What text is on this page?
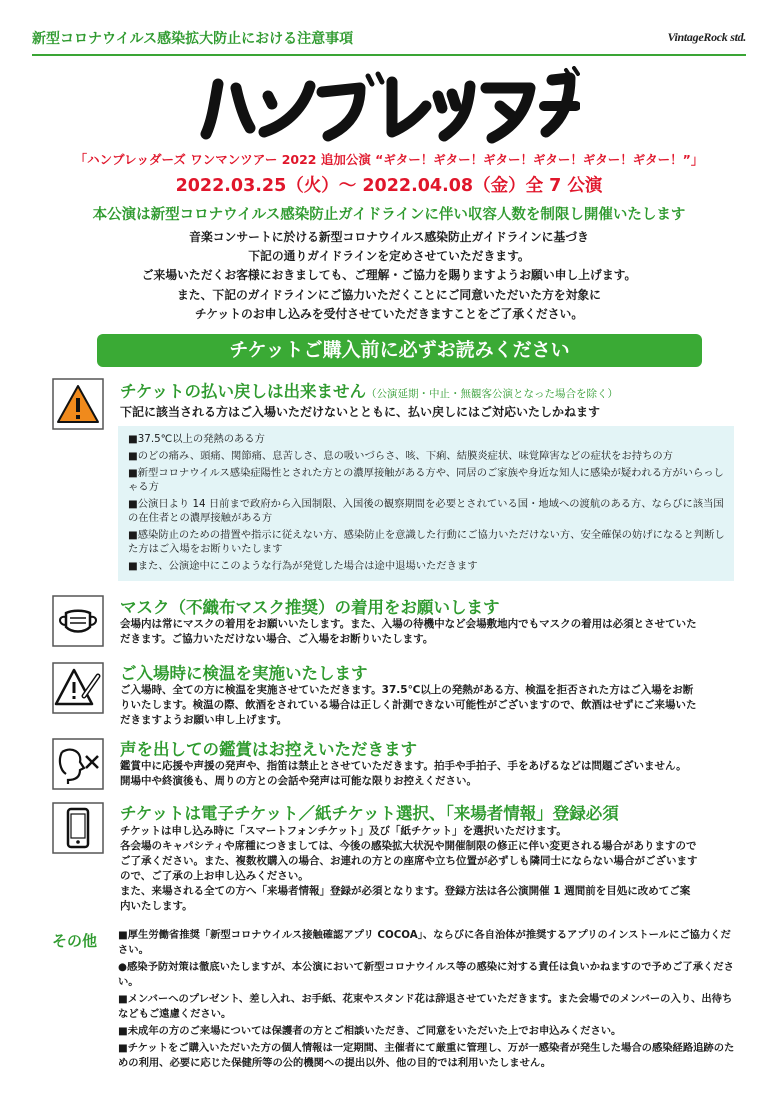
新型コロナウイルス感染拡大防止における注意事項	VintageRock std.
「ハンブレッダーズ ワンマンツアー 2022 追加公演 “ギター！ギター！ギター！ギター！ギター！ギター！”」
2022.03.25（火）〜 2022.04.08（金）全 7 公演
本公演は新型コロナウイルス感染防止ガイドラインに伴い収容人数を制限し開催いたします
音楽コンサートに於ける新型コロナウイルス感染防止ガイドラインに基づき
下記の通りガイドラインを定めさせていただきます。
ご来場いただくお客様におきましても、ご理解・ご協力を賜りますようお願い申し上げます。
また、下記のガイドラインにご協力いただくことにご同意いただいた方を対象に
チケットのお申し込みを受付させていただきますことをご了承ください。
チケットご購入前に必ずお読みください
チケットの払い戻しは出来ません（公演延期・中止・無観客公演となった場合を除く）
下記に該当される方はご入場いただけないとともに、払い戻しにはご対応いたしかねます
■ 37.5℃以上の発熱のある方
■ のどの痛み、頭痛、関節痛、息苦しさ、息の吸いづらさ、咳、下痢、結膜炎症状、味覚障害などの症状をお持ちの方
■ 新型コロナウイルス感染症陽性とされた方との濃厚接触がある方や、同居のご家族や身近な知人に感染が疑われる方がいらっしゃる方
■ 公演日より 14 日前まで政府から入国制限、入国後の観察期間を必要とされている国・地域への渡航のある方、ならびに該当国の在住者との濃厚接触がある方
■ 感染防止のための措置や指示に従えない方、感染防止を意識した行動にご協力いただけない方、安全確保の妨げになると判断した方はご入場をお断りいたします
■ また、公演途中にこのような行為が発覚した場合は途中退場いただきます
マスク（不織布マスク推奨）の着用をお願いします
会場内は常にマスクの着用をお願いいたします。また、入場の待機中など会場敷地内でもマスクの着用は必須とさせていた
だきます。ご協力いただけない場合、ご入場をお断りいたします。
ご入場時に検温を実施いたします
ご入場時、全ての方に検温を実施させていただきます。37.5℃以上の発熱がある方、検温を拒否された方はご入場をお断
りいたします。検温の際、飲酒をされている場合は正しく計測できない可能性がございますので、飲酒はせずにご来場いた
だきますようお願い申し上げます。
声を出しての鑑賞はお控えいただきます
鑑賞中に応援や声援の発声や、指笛は禁止とさせていただきます。拍手や手拍子、手をあげるなどは問題ございません。
開場中や終演後も、周りの方との会話や発声は可能な限りお控えください。
チケットは電子チケット／紙チケット選択、「来場者情報」登録必須
チケットは申し込み時に「スマートフォンチケット」及び「紙チケット」を選択いただけます。
各会場のキャパシティや席種につきましては、今後の感染拡大状況や開催制限の修正に伴い変更される場合がありますので
ご了承ください。また、複数枚購入の場合、お連れの方との座席や立ち位置が必ずしも隣同士にならない場合がございます
ので、ご了承の上お申し込みください。
また、来場される全ての方へ「来場者情報」登録が必須となります。登録方法は各公演開催 1 週間前を目処に改めてご案
内いたします。
その他 ■厚生労働省推奨「新型コロナウイルス接触確認アプリ COCOA」、ならびに各自治体が推奨するアプリのインストールにご協力ください。

●感染予防対策は徹底いたしますが、本公演において新型コロナウイルス等の感染に対する責任は負いかねますので予めご了承ください。

■メンバーへのプレゼント、差し入れ、お手紙、花束やスタンド花は辞退させていただきます。また会場でのメンバーの入り、出待ちなどもご遠慮ください。

■未成年の方のご来場については保護者の方とご相談いただき、ご同意をいただいた上でお申込みください。

■チケットをご購入いただいた方の個人情報は一定期間、主催者にて厳重に管理し、万が一感染者が発生した場合の感染経路追跡のための利用、必要に応じた保健所等の公的機関への提出以外、他の目的では利用いたしません。
